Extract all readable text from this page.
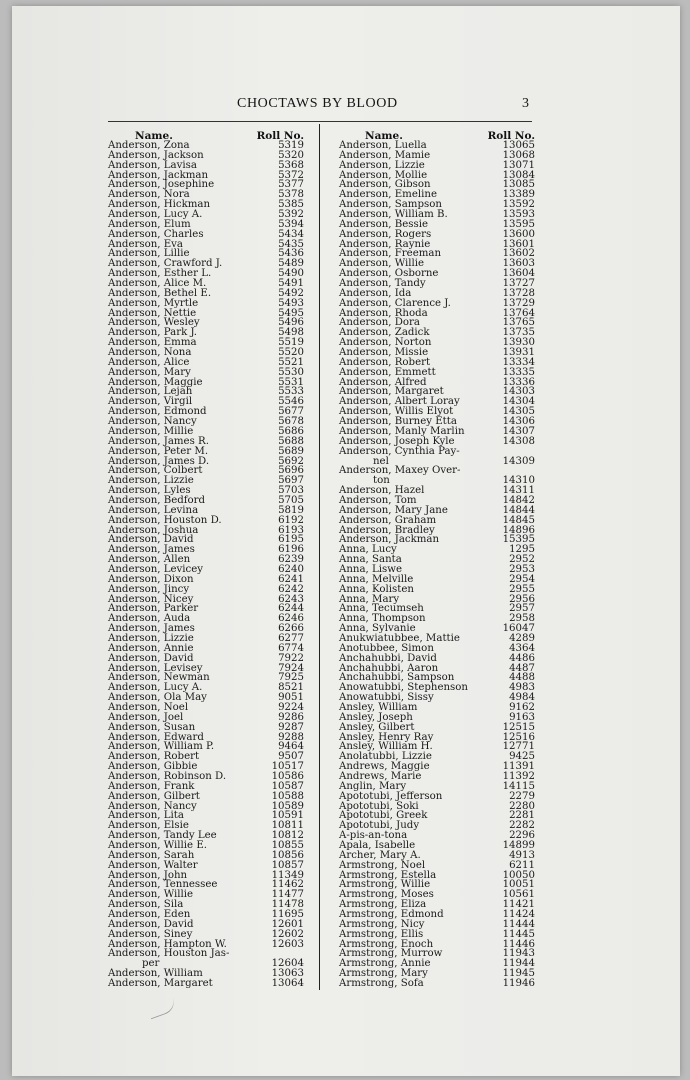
CHOCTAWS BY BLOOD	3
Name.	Roll No.
Anderson, Zona	5319
Anderson, Jackson	5320
Anderson, Lavisa	5368
Anderson, Jackman	5372
Anderson, Josephine	5377
Anderson, Nora	5378
Anderson, Hickman	5385
Anderson, Lucy A.	5392
Anderson, Elum	5394
Anderson, Charles	5434
Anderson, Eva	5435
Anderson, Lillie	5436
Anderson, Crawford J.	5489
Anderson, Esther L.	5490
Anderson, Alice M.	5491
Anderson, Bethel E.	5492
Anderson, Myrtle	5493
Anderson, Nettie	5495
Anderson, Wesley	5496
Anderson, Park J.	5498
Anderson, Emma	5519
Anderson, Nona	5520
Anderson, Alice	5521
Anderson, Mary	5530
Anderson, Maggie	5531
Anderson, Lejah	5533
Anderson, Virgil	5546
Anderson, Edmond	5677
Anderson, Nancy	5678
Anderson, Millie	5686
Anderson, James R.	5688
Anderson, Peter M.	5689
Anderson, James D.	5692
Anderson, Colbert	5696
Anderson, Lizzie	5697
Anderson, Lyles	5703
Anderson, Bedford	5705
Anderson, Levina	5819
Anderson, Houston D.	6192
Anderson, Joshua	6193
Anderson, David	6195
Anderson, James	6196
Anderson, Allen	6239
Anderson, Levicey	6240
Anderson, Dixon	6241
Anderson, Jincy	6242
Anderson, Nicey	6243
Anderson, Parker	6244
Anderson, Auda	6246
Anderson, James	6266
Anderson, Lizzie	6277
Anderson, Annie	6774
Anderson, David	7922
Anderson, Levisey	7924
Anderson, Newman	7925
Anderson, Lucy A.	8521
Anderson, Ola May	9051
Anderson, Noel	9224
Anderson, Joel	9286
Anderson, Susan	9287
Anderson, Edward	9288
Anderson, William P.	9464
Anderson, Robert	9507
Anderson, Gibbie	10517
Anderson, Robinson D.	10586
Anderson, Frank	10587
Anderson, Gilbert	10588
Anderson, Nancy	10589
Anderson, Lita	10591
Anderson, Elsie	10811
Anderson, Tandy Lee	10812
Anderson, Willie E.	10855
Anderson, Sarah	10856
Anderson, Walter	10857
Anderson, John	11349
Anderson, Tennessee	11462
Anderson, Willie	11477
Anderson, Sila	11478
Anderson, Eden	11695
Anderson, David	12601
Anderson, Siney	12602
Anderson, Hampton W.	12603
Anderson, Houston Jas-
per	12604
Anderson, William	13063
Anderson, Margaret	13064
Name.	Roll No.
Anderson, Luella	13065
Anderson, Mamie	13068
Anderson, Lizzie	13071
Anderson, Mollie	13084
Anderson, Gibson	13085
Anderson, Emeline	13389
Anderson, Sampson	13592
Anderson, William B.	13593
Anderson, Bessie	13595
Anderson, Rogers	13600
Anderson, Raynie	13601
Anderson, Freeman	13602
Anderson, Willie	13603
Anderson, Osborne	13604
Anderson, Tandy	13727
Anderson, Ida	13728
Anderson, Clarence J.	13729
Anderson, Rhoda	13764
Anderson, Dora	13765
Anderson, Zadick	13735
Anderson, Norton	13930
Anderson, Missie	13931
Anderson, Robert	13334
Anderson, Emmett	13335
Anderson, Alfred	13336
Anderson, Margaret	14303
Anderson, Albert Loray	14304
Anderson, Willis Elyot	14305
Anderson, Burney Etta	14306
Anderson, Manly Marlin	14307
Anderson, Joseph Kyle	14308
Anderson, Cynthia Pay-
nel	14309
Anderson, Maxey Over-
ton	14310
Anderson, Hazel	14311
Anderson, Tom	14842
Anderson, Mary Jane	14844
Anderson, Graham	14845
Anderson, Bradley	14896
Anderson, Jackman	15395
Anna, Lucy	1295
Anna, Santa	2952
Anna, Liswe	2953
Anna, Melville	2954
Anna, Kolisten	2955
Anna, Mary	2956
Anna, Tecumseh	2957
Anna, Thompson	2958
Anna, Sylvanie	16047
Anukwiatubbee, Mattie	4289
Anotubbee, Simon	4364
Anchahubbi, David	4486
Anchahubbi, Aaron	4487
Anchahubbi, Sampson	4488
Anowatubbi, Stephenson	4983
Anowatubbi, Sissy	4984
Ansley, William	9162
Ansley, Joseph	9163
Ansley, Gilbert	12515
Ansley, Henry Ray	12516
Ansley, William H.	12771
Anolatubbi, Lizzie	9425
Andrews, Maggie	11391
Andrews, Marie	11392
Anglin, Mary	14115
Apototubi, Jefferson	2279
Apototubi, Soki	2280
Apototubi, Greek	2281
Apototubi, Judy	2282
A-pis-an-tona	2296
Apala, Isabelle	14899
Archer, Mary A.	4913
Armstrong, Noel	6211
Armstrong, Estella	10050
Armstrong, Willie	10051
Armstrong, Moses	10561
Armstrong, Eliza	11421
Armstrong, Edmond	11424
Armstrong, Nicy	11444
Armstrong, Ellis	11445
Armstrong, Enoch	11446
Armstrong, Murrow	11943
Armstrong, Annie	11944
Armstrong, Mary	11945
Armstrong, Sofa	11946
